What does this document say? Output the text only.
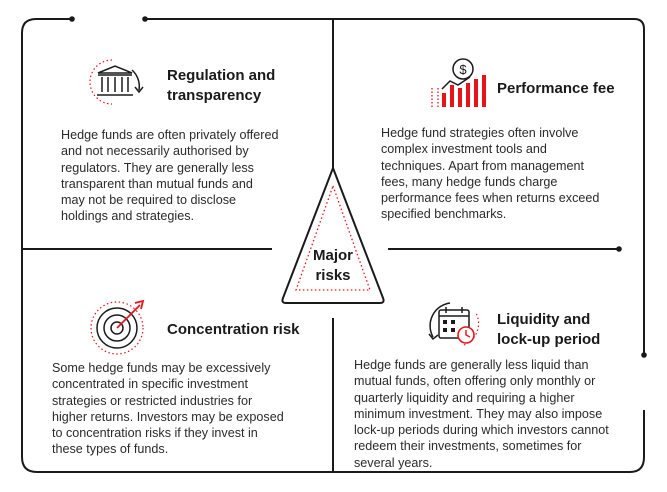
Major
risks
Regulation and
transparency
Hedge funds are often privately offered
and not necessarily authorised by
regulators. They are generally less
transparent than mutual funds and
may not be required to disclose
holdings and strategies.
$
Performance fee
Hedge fund strategies often involve
complex investment tools and
techniques. Apart from management
fees, many hedge funds charge
performance fees when returns exceed
specified benchmarks.
Concentration risk
Some hedge funds may be excessively
concentrated in specific investment
strategies or restricted industries for
higher returns. Investors may be exposed
to concentration risks if they invest in
these types of funds.
Liquidity and
lock-up period
Hedge funds are generally less liquid than
mutual funds, often offering only monthly or
quarterly liquidity and requiring a higher
minimum investment. They may also impose
lock-up periods during which investors cannot
redeem their investments, sometimes for
several years.
